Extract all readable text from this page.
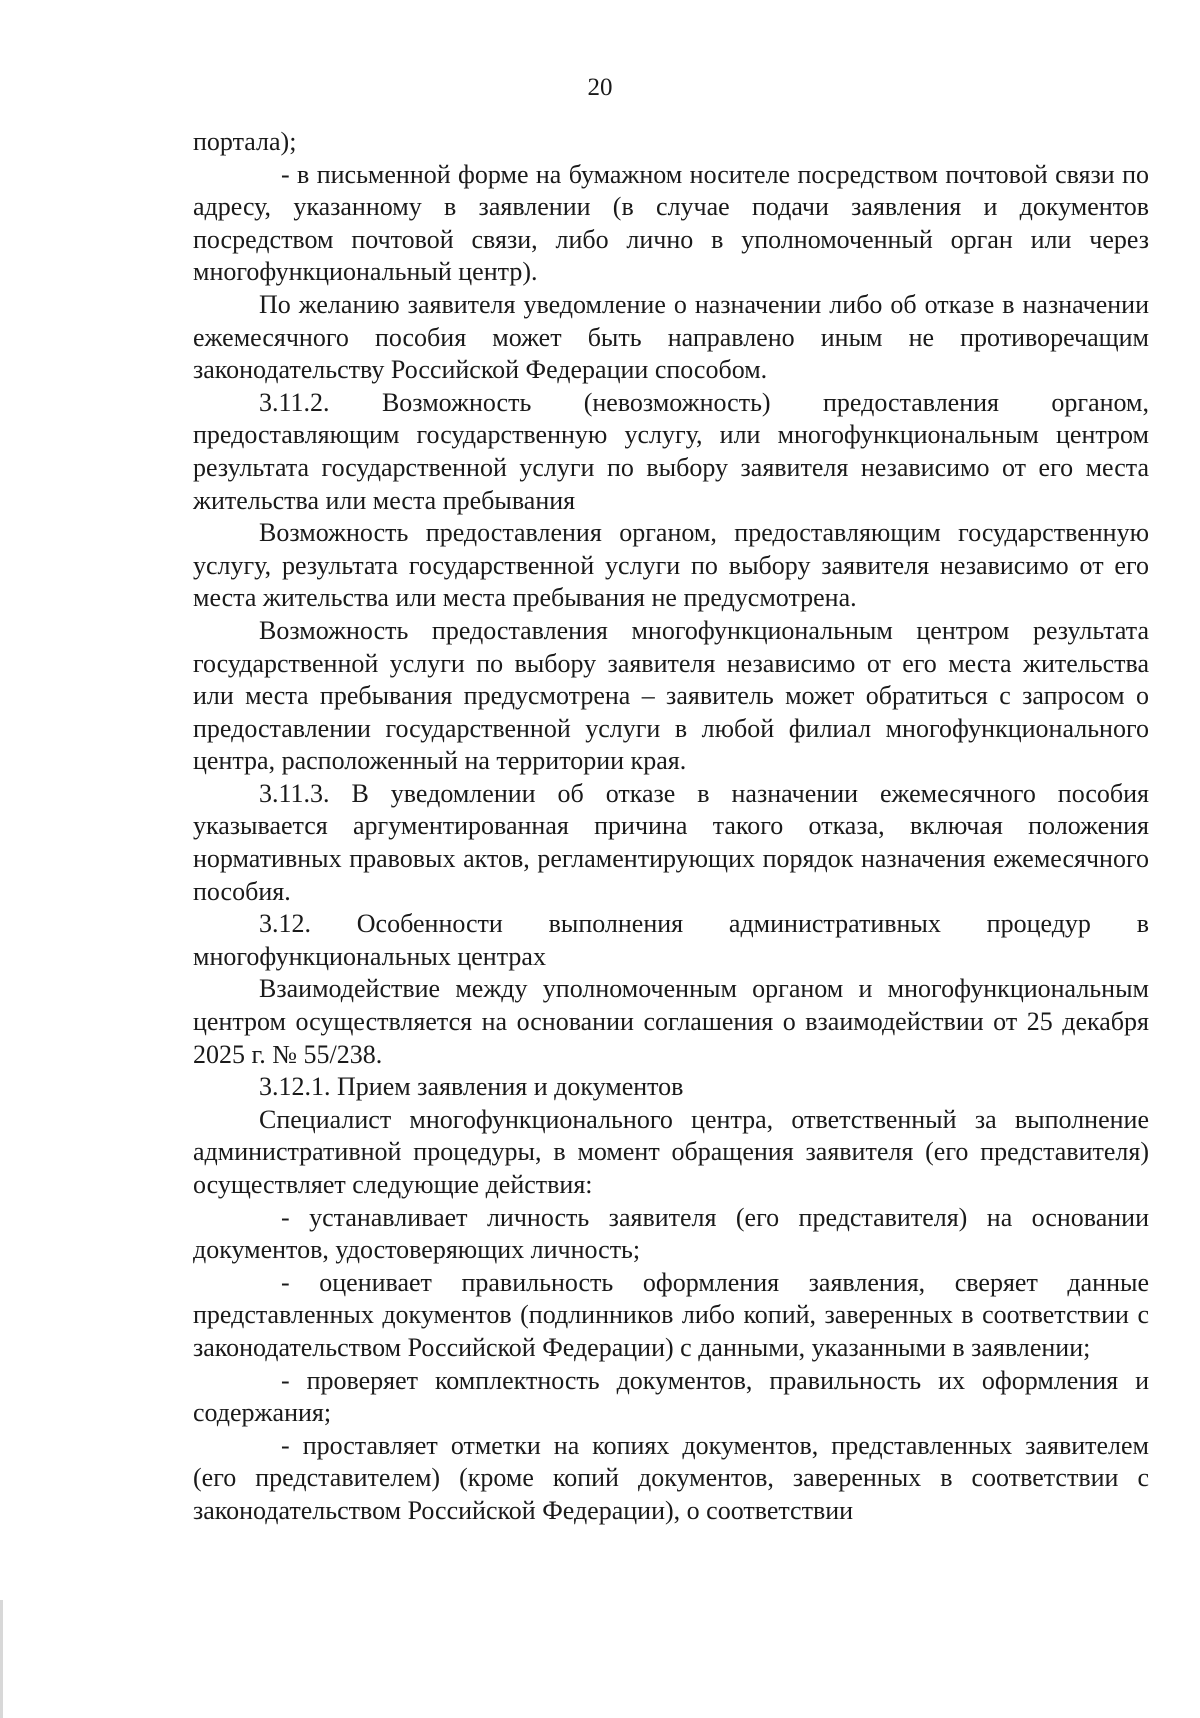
20

портала);

- в письменной форме на бумажном носителе посредством почтовой связи по адресу, указанному в заявлении (в случае подачи заявления и документов посредством почтовой связи, либо лично в уполномоченный орган или через многофункциональный центр).

По желанию заявителя уведомление о назначении либо об отказе в назначении ежемесячного пособия может быть направлено иным не противоречащим законодательству Российской Федерации способом.

3.11.2. Возможность (невозможность) предоставления органом, предоставляющим государственную услугу, или многофункциональным центром результата государственной услуги по выбору заявителя независимо от его места жительства или места пребывания

Возможность предоставления органом, предоставляющим государственную услугу, результата государственной услуги по выбору заявителя независимо от его места жительства или места пребывания не предусмотрена.

Возможность предоставления многофункциональным центром результата государственной услуги по выбору заявителя независимо от его места жительства или места пребывания предусмотрена – заявитель может обратиться с запросом о предоставлении государственной услуги в любой филиал многофункционального центра, расположенный на территории края.

3.11.3. В уведомлении об отказе в назначении ежемесячного пособия указывается аргументированная причина такого отказа, включая положения нормативных правовых актов, регламентирующих порядок назначения ежемесячного пособия.

3.12. Особенности выполнения административных процедур в многофункциональных центрах

Взаимодействие между уполномоченным органом и многофункциональным центром осуществляется на основании соглашения о взаимодействии от 25 декабря 2025 г. № 55/238.

3.12.1. Прием заявления и документов

Специалист многофункционального центра, ответственный за выполнение административной процедуры, в момент обращения заявителя (его представителя) осуществляет следующие действия:

- устанавливает личность заявителя (его представителя) на основании документов, удостоверяющих личность;

- оценивает правильность оформления заявления, сверяет данные представленных документов (подлинников либо копий, заверенных в соответствии с законодательством Российской Федерации) с данными, указанными в заявлении;

- проверяет комплектность документов, правильность их оформления и содержания;

- проставляет отметки на копиях документов, представленных заявителем (его представителем) (кроме копий документов, заверенных в соответствии с законодательством Российской Федерации), о соответствии
